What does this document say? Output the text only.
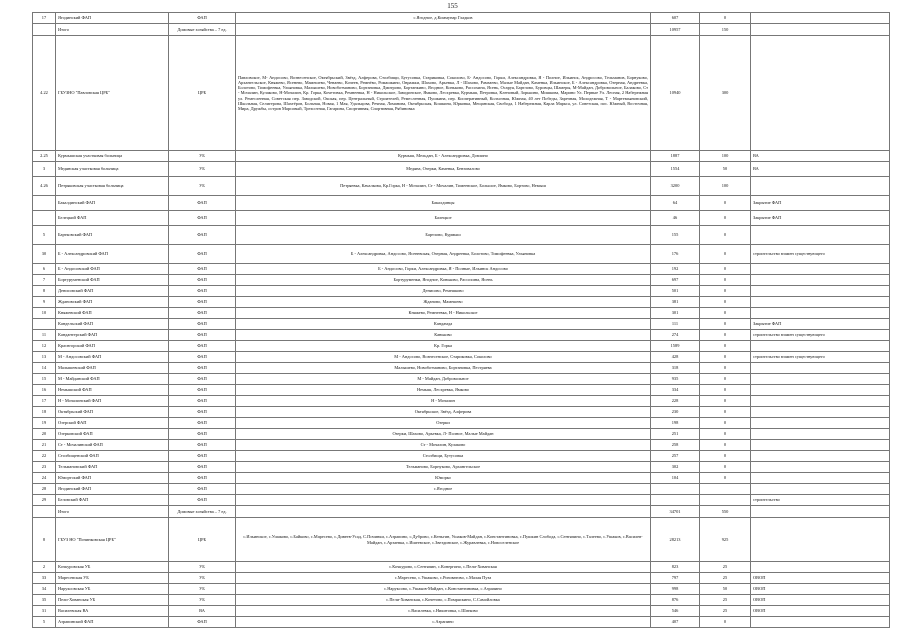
155
17	Ягодинский ФАП	ФАП	с.Ягодное, д.Коммунар Гладков	607	0	
	Итого	Домовые хозяйства – 7 ед.		10957	150	
4.22	ГБУЗНО "Павловская ЦРБ"	ЦРБ	Павловское, М- Андосово, Вознесенское, Октябрьский, Звёзд, Алферова, Столбищи, Бутусовка, Стариковка, Соколово, Б- Андосово, Горки, Александровка, Я - Полное, Ильинск, Андросово, Тельманов, Борнуково, Архангельское, Княжево, Ясенево, Мамешево, Ченаево, Кочеев, Ремнёво, Ромашкино, Овражки, Шахово, Арьевка, Л - Шахово, Рамзаево, Малые Майдан, Каменка, Ильинское, Б - Александровка, Озерная, Андреевка, Болотово, Тимофеевка, Ульяновка, Малышево, Новоботманово, Бортановка, Дмитрово, Бортанкино, Ягодное, Коньково, Рассохина, Ясень, Осаруя, Бартлово, Буровцы, Шамеры, М-Майдан, Добровольное, Балаково, Ст - Мочалин, Кулаково, Н-Мочалин, Кр. Горка, Кочетовка, Ремнеевка, Н - Никольское, Заводинское, Ямково, Лесхревка, Курмыш, Петровка, Кленовый, Зорькино, Мишкова, Марино Ул. Первые Ул. Лесная, 2 Набережная ул. Ремесленная, Советская пер. Заводской, Окская, пер. Центральный, Строителей, Ремесленная, Пушкина, пер. Кооперативный, Колхозная, Южная, 40 лет Победы, Заречная, Молодежная, Т - Мартемьяновский, Школьная, Селигерова, Шахтёров, Больная, Новая, 1 Мая, Удальцова, Речная, Ломанова, Октябрьская, Кошкина, Юрковка, Мещанская, Свобода, 1 Набережная, Карла Маркса, ул. Советская, пос. Южный, Восточная, Мира, Дружбы, остров Марсовый, Трехсотная, Гагарина, Спортивная, Спортивная, Рябиновка	10940	300	
2.25	Курмышская участковая больница	УБ	Курмыш, Мельдан, Б - Александровка, Довлино	1887	100	ВА
3	Медянская участковая больница	УБ	Медяна, Озерки, Каменка, Бензовалово	1554	50	ВА
4.26	Петряковская участковая больница	УБ	Петряевка, Качалкова, Кр.Горка, Н - Мочалин, Ст - Мочалин, Тимеевское, Большое, Ямково, Бортово, Немыш	3200	100	
	Бакалдинский ФАП	ФАП	Бакалдинцы	64	0	Закрытие ФАП
	Белецкий ФАП	ФАП	Балецкое	46	0	Закрытие ФАП
5	Бартковский ФАП	ФАП	Бартлово, Курмыш	155	0	
30	Б - Александровский ФАП	ФАП	Б - Александровка, Андосово, Ясеневская, Озерная, Андреевка, Болотово, Тимофеевка, Ульяновка	176	0	строительство взамен существующего
6	Б - Андосовский ФАП	ФАП	Б - Андосово, Горки, Александровка, Я - Полные, Ильинск Андосово	192	0	
7	Бортуруменский ФАП	ФАП	Бортуруменки, Ягодное, Коньково, Рассохина, Ясень	697	0	
8	Денисовский ФАП	ФАП	Денисово, Ремешково	501	0	
9	Ждановский ФАП	ФАП	Жданово, Мамешево	381	0	
10	Княжевский ФАП	ФАП	Княжево, Ремнеевка, Н - Никольское	301	0	
	Кандельский ФАП	ФАП	Кандамда	111	0	Закрытие ФАП
11	Кандантерский ФАП	ФАП	Каньково	274	0	строительство взамен существующего
12	Краснгорский ФАП	ФАП	Кр. Горка	1589	0	
13	М - Андосовский ФАП	ФАП	М - Андосово, Вознесенское, Стариковка, Соколово	428	0	строительство взамен существующего
14	Малышевский ФАП	ФАП	Малышево, Новоботманово, Бортановка, Пестряева	318	0	
15	М - Майданский ФАП	ФАП	М - Майдан, Добровольное	935	0	
16	Немышский ФАП	ФАП	Немыш, Лесхревка, Ямково	334	0	
17	Н - Мочалинский ФАП	ФАП	Н - Мочалин	228	0	
18	Октябрьский ФАП	ФАП	Октябрьское, Звёзд, Алферова	230	0	
19	Озерский ФАП	ФАП	Озерки	198	0	
20	Озерковский ФАП	ФАП	Озерки, Шахово, Арьевка, Л- Полное, Малые Майдан	251	0	
21	Ст - Мочалинский ФАП	ФАП	Ст - Мочалин, Кулаково	258	0	
22	Столбищенский ФАП	ФАП	Столбищи, Бутусовка	257	0	
23	Тельмановский ФАП	ФАП	Тельманово, Борнуково, Архангельское	302	0	
24	Юмортский ФАП	ФАП	Юморко	104	0	
28	Ягодинский ФАП	ФАП	с.Ягодное			
29	Беловский ФАП	ФАП				строительство
	Итого	Домовые хозяйства – 7 ед.		34701	550	
8	ГБУЗ НО "Починковская ЦРБ"	ЦРБ	с.Ильинское, с.Ушаково, с.Байково, с.Маресево, с.Дивеев-Усад, С.Починки, с.Азрапино, с.Дуброво, с.Кеньгин, Ушаков-Майдан, с.Константиновка, с.Пушкин Слобода, с.Сентяпино, с.Талеево, с.Ушаков, с.Василев-Майдан, с.Арзаевка, с.Ишеевское, с.Звездинское, с.Журавлевка, с.Новоселенское	28213	925	
2	Кочкуровская УБ	УБ	с.Кочкурово, с.Сентяпин, с.Конергино, с.Пели-Хованская	823	25	
33	Маресевская УБ	УБ	с.Маресево, с.Ушаково, с.Ризоватово, с.Малая Пуза	797	25	ОВОП
34	Наруксовская УБ	УБ	с.Наруксово, с.Ушаков-Майдан, с.Константиновка, с.Азрапино	998	50	ОВОП
35	Пели-Хованская УБ	УБ	с.Пели-Хованская, с.Кочетово, с.Помряскино, С.Самойловка	876	25	ОВОП
31	Василевская ВА	ВА	с.Василевка, с.Никитовка, с.Шатково	546	25	ОВОП
5	Азрапинский ФАП	ФАП	с.Азрапино	407	0	
